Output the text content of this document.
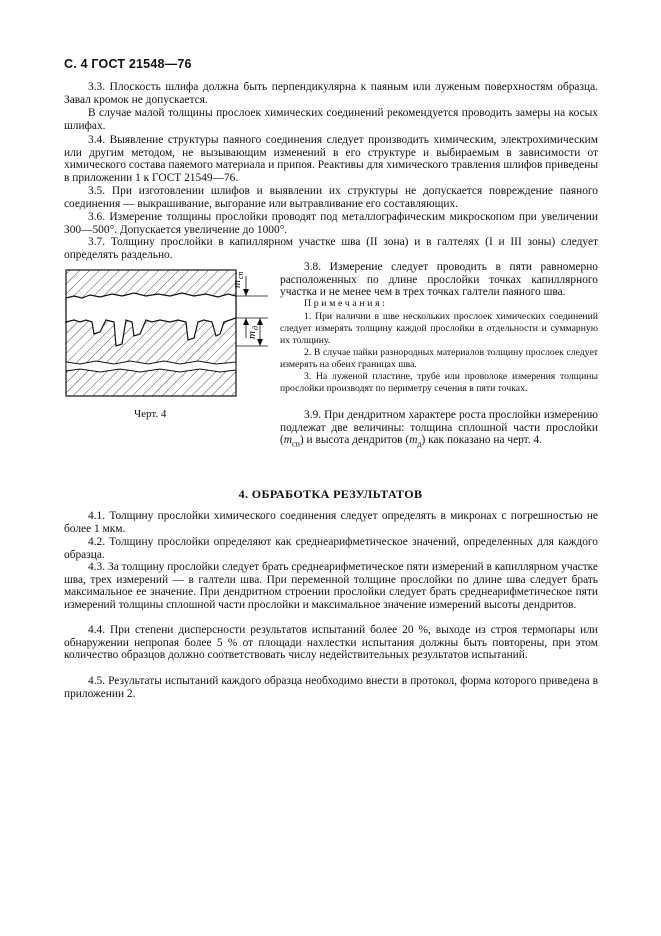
С. 4 ГОСТ 21548—76

3.3. Плоскость шлифа должна быть перпендикулярна к паяным или луженым поверхностям образца. Завал кромок не допускается.

В случае малой толщины прослоек химических соединений рекомендуется проводить замеры на косых шлифах.

3.4. Выявление структуры паяного соединения следует производить химическим, электрохимическим или другим методом, не вызывающим изменений в его структуре и выбираемым в зависимости от химического состава паяемого материала и припоя. Реактивы для химического травления шлифов приведены в приложении 1 к ГОСТ 21549—76.

3.5. При изготовлении шлифов и выявлении их структуры не допускается повреждение паяного соединения — выкрашивание, выгорание или вытравливание его составляющих.

3.6. Измерение толщины прослойки проводят под металлографическим микроскопом при увеличении 300—500°. Допускается увеличение до 1000°.

3.7. Толщину прослойки в капиллярном участке шва (II зона) и в галтелях (I и III зоны) следует определять раздельно.

m
сп
m
д
Черт. 4

3.8. Измерение следует проводить в пяти равномерно расположенных по длине прослойки точках капиллярного участка и не менее чем в трех точках галтели паяного шва.

Примечания:

1. При наличии в шве нескольких прослоек химических соединений следует измерять толщину каждой прослойки в отдельности и суммарную их толщину.

2. В случае пайки разнородных материалов толщину прослоек следует измерять на обеих границах шва.

3. На луженой пластине, трубе или проволоке измерения толщины прослойки производят по периметру сечения в пяти точках.

3.9. При дендритном характере роста прослойки измерению подлежат две величины: толщина сплошной части прослойки $(m_{сп})$ и высота дендритов $(m_д)$ как показано на черт. 4.

4. ОБРАБОТКА РЕЗУЛЬТАТОВ

4.1. Толщину прослойки химического соединения следует определять в микронах с погрешностью не более 1 мкм.

4.2. Толщину прослойки определяют как среднеарифметическое значений, определенных для каждого образца.

4.3. За толщину прослойки следует брать среднеарифметическое пяти измерений в капиллярном участке шва, трех измерений — в галтели шва. При переменной толщине прослойки по длине шва следует брать максимальное ее значение. При дендритном строении прослойки следует брать среднеарифметическое пяти измерений толщины сплошной части прослойки и максимальное значение измерений высоты дендритов.

4.4. При степени дисперсности результатов испытаний более 20 %, выходе из строя термопары или обнаружении непропая более 5 % от площади нахлестки испытания должны быть повторены, при этом количество образцов должно соответствовать числу недействительных результатов испытаний.

4.5. Результаты испытаний каждого образца необходимо внести в протокол, форма которого приведена в приложении 2.
